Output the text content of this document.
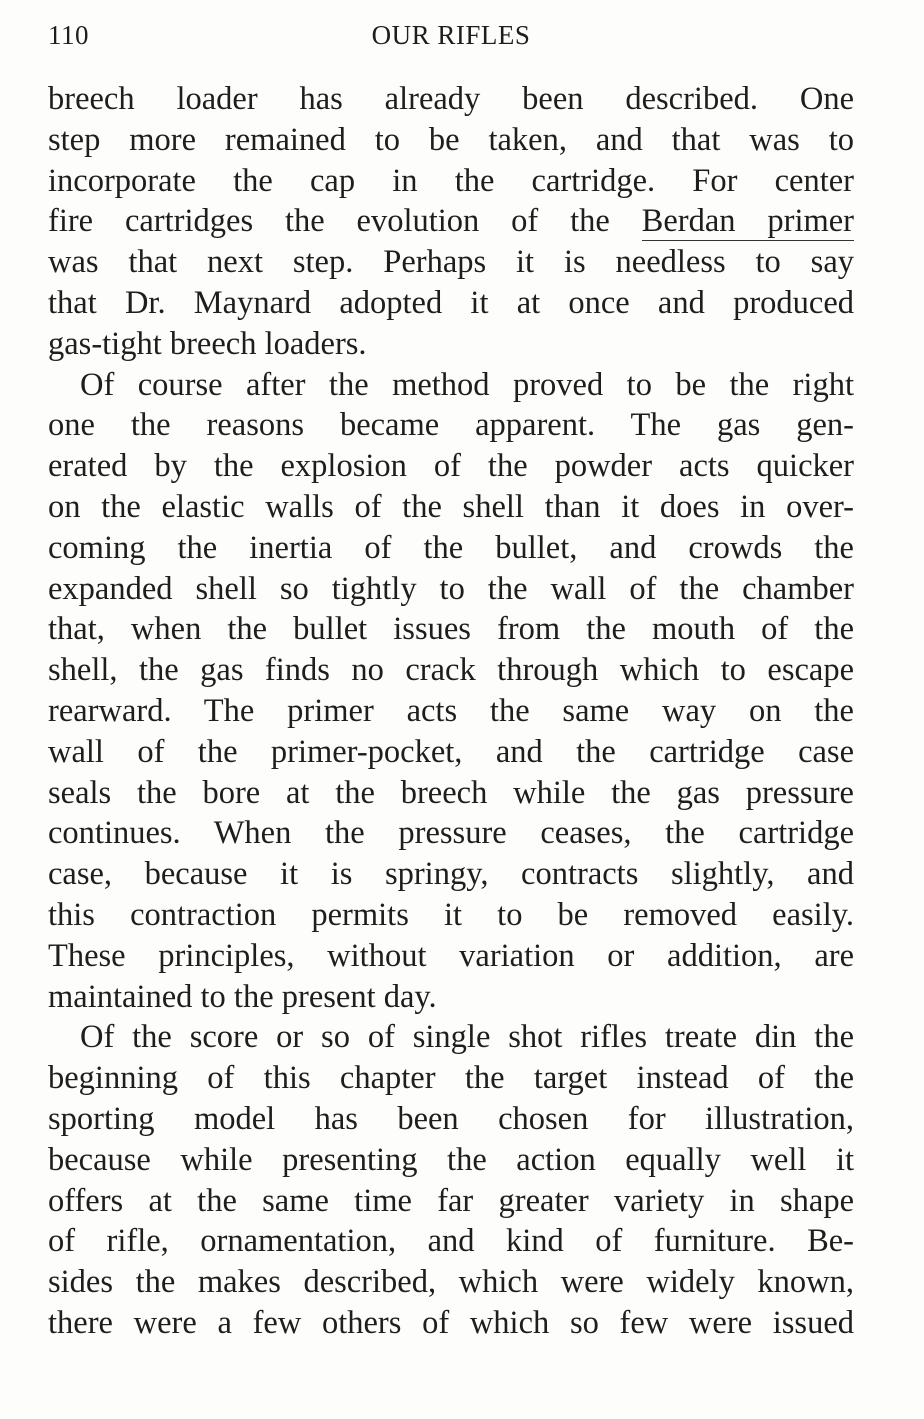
110	OUR RIFLES
breech loader has already been described. One
step more remained to be taken, and that was to
incorporate the cap in the cartridge. For center
fire cartridges the evolution of the Berdan primer
was that next step. Perhaps it is needless to say
that Dr. Maynard adopted it at once and produced
gas-tight breech loaders.
Of course after the method proved to be the right
one the reasons became apparent. The gas gen-
erated by the explosion of the powder acts quicker
on the elastic walls of the shell than it does in over-
coming the inertia of the bullet, and crowds the
expanded shell so tightly to the wall of the chamber
that, when the bullet issues from the mouth of the
shell, the gas finds no crack through which to escape
rearward. The primer acts the same way on the
wall of the primer-pocket, and the cartridge case
seals the bore at the breech while the gas pressure
continues. When the pressure ceases, the cartridge
case, because it is springy, contracts slightly, and
this contraction permits it to be removed easily.
These principles, without variation or addition, are
maintained to the present day.
Of the score or so of single shot rifles treate din the
beginning of this chapter the target instead of the
sporting model has been chosen for illustration,
because while presenting the action equally well it
offers at the same time far greater variety in shape
of rifle, ornamentation, and kind of furniture. Be-
sides the makes described, which were widely known,
there were a few others of which so few were issued
